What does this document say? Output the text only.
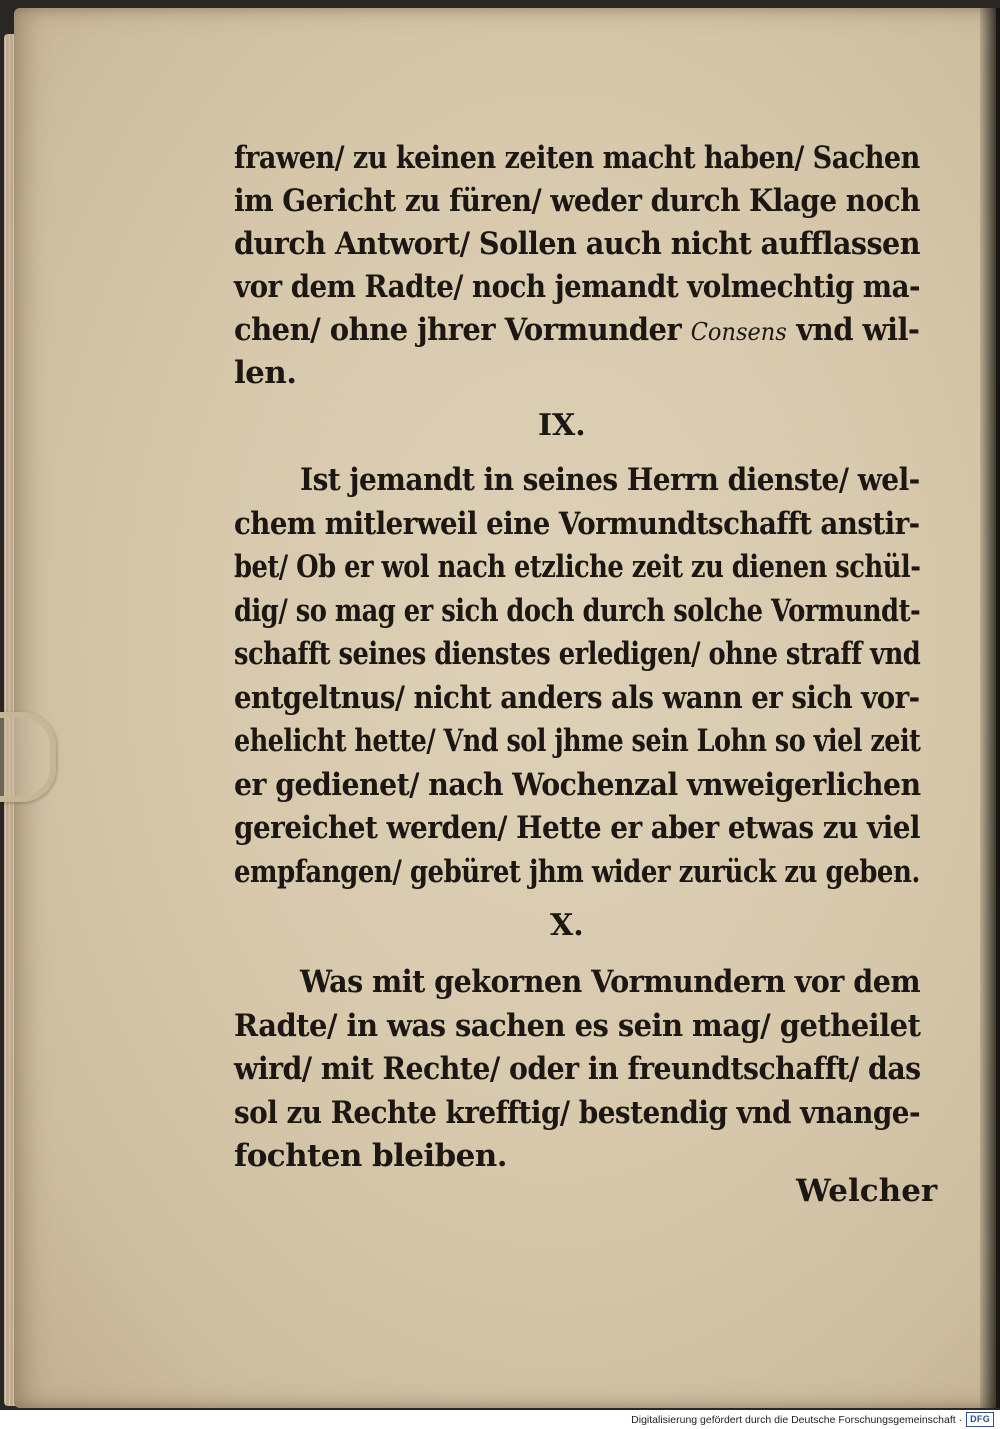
frawen/ zu keinen zeiten macht haben/ Sachen
im Gericht zu füren/ weder durch Klage noch
durch Antwort/ Sollen auch nicht aufflassen
vor dem Radte/ noch jemandt volmechtig ma-
chen/ ohne jhrer Vormunder Consens vnd wil-
len.
IX.
Ist jemandt in seines Herrn dienste/ wel-
chem mitlerweil eine Vormundtschafft anstir-
bet/ Ob er wol nach etzliche zeit zu dienen schül-
dig/ so mag er sich doch durch solche Vormundt-
schafft seines dienstes erledigen/ ohne straff vnd
entgeltnus/ nicht anders als wann er sich vor-
ehelicht hette/ Vnd sol jhme sein Lohn so viel zeit
er gedienet/ nach Wochenzal vnweigerlichen
gereichet werden/ Hette er aber etwas zu viel
empfangen/ gebüret jhm wider zurück zu geben.
X.
Was mit gekornen Vormundern vor dem
Radte/ in was sachen es sein mag/ getheilet
wird/ mit Rechte/ oder in freundtschafft/ das
sol zu Rechte krefftig/ bestendig vnd vnange-
fochten bleiben.
Welcher
Digitalisierung gefördert durch die Deutsche Forschungsgemeinschaft · DFG
